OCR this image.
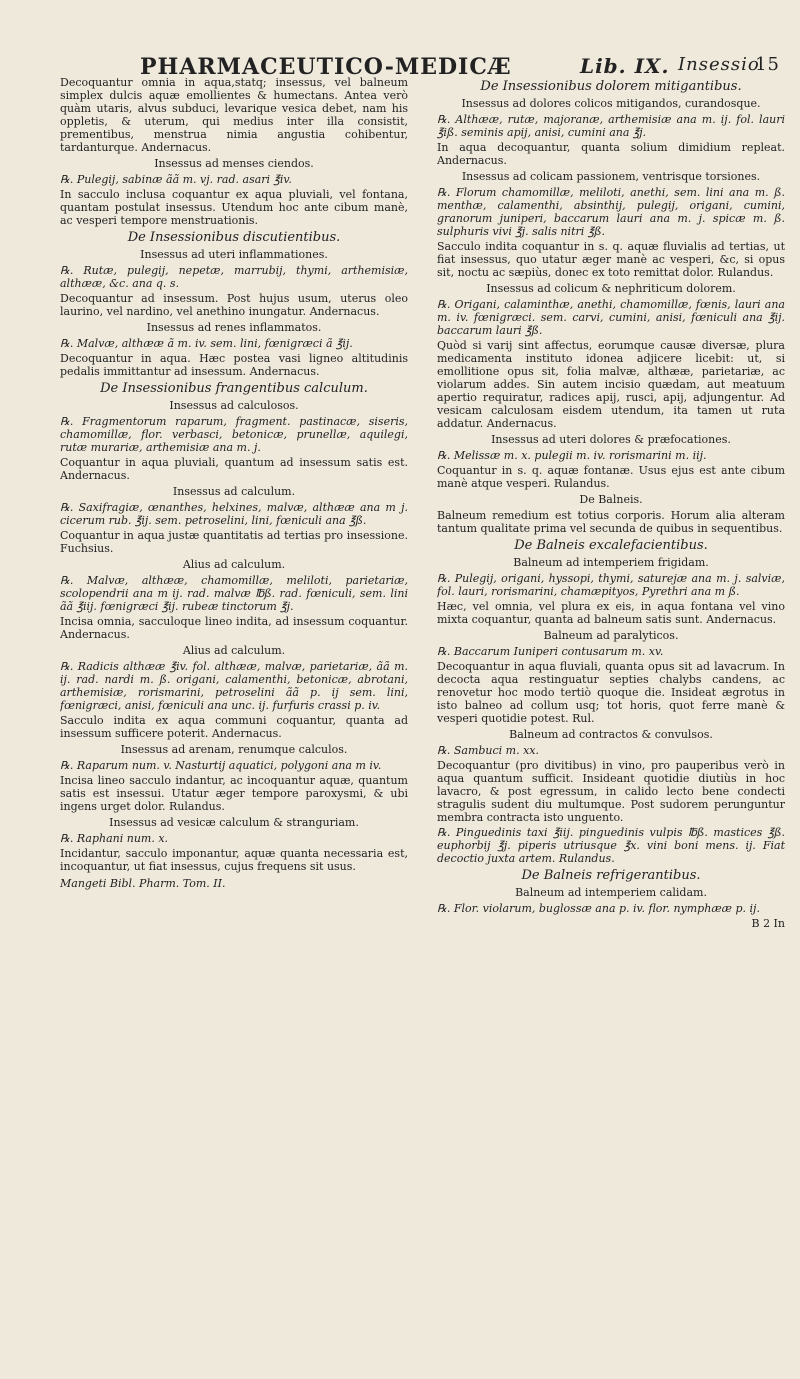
PHARMACEUTICO-MEDICÆ	Lib. IX. Insessio
15

Decoquantur omnia in aqua,statq; insessus, vel balneum simplex dulcis aquæ emollientes & humectans. Antea verò quàm utaris, alvus subduci, levarique vesica debet, nam his oppletis, & uterum, qui medius inter illa consistit, prementibus, menstrua nimia angustia cohibentur, tardanturque. Andernacus.

Insessus ad menses ciendos.

℞. Pulegij, sabinæ ãã m. vj. rad. asari ℥iv.

In sacculo inclusa coquantur ex aqua pluviali, vel fontana, quantam postulat insessus. Utendum hoc ante cibum manè, ac vesperi tempore menstruationis.

De Insessionibus discutientibus.
Insessus ad uteri inflammationes.

℞. Rutæ, pulegij, nepetæ, marrubij, thymi, arthemisiæ, althææ, &c. ana q. s.

Decoquantur ad insessum. Post hujus usum, uterus oleo laurino, vel nardino, vel anethino inungatur. Andernacus.

Insessus ad renes inflammatos.

℞. Malvæ, althææ ã m. iv. sem. lini, fœnigræci ã ℥ij.

Decoquantur in aqua. Hæc postea vasi ligneo altitudinis pedalis immittantur ad insessum. Andernacus.

De Insessionibus frangentibus calculum.
Insessus ad calculosos.

℞. Fragmentorum raparum, fragment. pastinacæ, siseris, chamomillæ, flor. verbasci, betonicæ, prunellæ, aquilegi, rutæ murariæ, arthemisiæ ana m. j.

Coquantur in aqua pluviali, quantum ad insessum satis est. Andernacus.

Insessus ad calculum.

℞. Saxifragiæ, œnanthes, helxines, malvæ, althææ ana m j. cicerum rub. ℥ij. sem. petroselini, lini, fœniculi ana ℥ß.

Coquantur in aqua justæ quantitatis ad tertias pro insessione. Fuchsius.

Alius ad calculum.

℞. Malvæ, althææ, chamomillæ, meliloti, parietariæ, scolopendrii ana m ij. rad. malvæ ℔ß. rad. fœniculi, sem. lini ãã ℥iij. fœnigræci ℥ij. rubeæ tinctorum ℥j.

Incisa omnia, sacculoque lineo indita, ad insessum coquantur. Andernacus.

Alius ad calculum.

℞. Radicis althææ ℥iv. fol. althææ, malvæ, parietariæ, ãã m. ij. rad. nardi m. ß. origani, calamenthi, betonicæ, abrotani, arthemisiæ, rorismarini, petroselini ãã p. ij sem. lini, fœnigræci, anisi, fœniculi ana unc. ij. furfuris crassi p. iv.

Sacculo indita ex aqua communi coquantur, quanta ad insessum sufficere poterit. Andernacus.

Insessus ad arenam, renumque calculos.

℞. Raparum num. v. Nasturtij aquatici, polygoni ana m iv.

Incisa lineo sacculo indantur, ac incoquantur aquæ, quantum satis est insessui. Utatur æger tempore paroxysmi, & ubi ingens urget dolor. Rulandus.

Insessus ad vesicæ calculum & stranguriam.

℞. Raphani num. x.

Incidantur, sacculo imponantur, aquæ quanta necessaria est, incoquantur, ut fiat insessus, cujus frequens sit usus.

Mangeti Bibl. Pharm. Tom. II.
De Insessionibus dolorem mitigantibus.
Insessus ad dolores colicos mitigandos, curandosque.

℞. Althææ, rutæ, majoranæ, arthemisiæ ana m. ij. fol. lauri ℥iß. seminis apij, anisi, cumini ana ℥j.

In aqua decoquantur, quanta solium dimidium repleat. Andernacus.

Insessus ad colicam passionem, ventrisque torsiones.

℞. Florum chamomillæ, meliloti, anethi, sem. lini ana m. ß. menthæ, calamenthi, absinthij, pulegij, origani, cumini, granorum juniperi, baccarum lauri ana m. j. spicæ m. ß. sulphuris vivi ℥j. salis nitri ℥ß.

Sacculo indita coquantur in s. q. aquæ fluvialis ad tertias, ut fiat insessus, quo utatur æger manè ac vesperi, &c, si opus sit, noctu ac sæpiùs, donec ex toto remittat dolor. Rulandus.

Insessus ad colicum & nephriticum dolorem.

℞. Origani, calaminthæ, anethi, chamomillæ, fœnis, lauri ana m. iv. fœnigræci. sem. carvi, cumini, anisi, fœniculi ana ℥ij. baccarum lauri ℥ß.

Quòd si varij sint affectus, eorumque causæ diversæ, plura medicamenta instituto idonea adjicere licebit: ut, si emollitione opus sit, folia malvæ, althææ, parietariæ, ac violarum addes. Sin autem incisio quædam, aut meatuum apertio requiratur, radices apij, rusci, apij, adjungentur. Ad vesicam calculosam eisdem utendum, ita tamen ut ruta addatur. Andernacus.

Insessus ad uteri dolores & præfocationes.

℞. Melissæ m. x. pulegii m. iv. rorismarini m. iij.

Coquantur in s. q. aquæ fontanæ. Usus ejus est ante cibum manè atque vesperi. Rulandus.

De Balneis.

Balneum remedium est totius corporis. Horum alia alteram tantum qualitate prima vel secunda de quibus in sequentibus.

De Balneis excalefacientibus.
Balneum ad intemperiem frigidam.

℞. Pulegij, origani, hyssopi, thymi, saturejæ ana m. j. salviæ, fol. lauri, rorismarini, chamæpityos, Pyrethri ana m ß.

Hæc, vel omnia, vel plura ex eis, in aqua fontana vel vino mixta coquantur, quanta ad balneum satis sunt. Andernacus.

Balneum ad paralyticos.

℞. Baccarum Iuniperi contusarum m. xv.

Decoquantur in aqua fluviali, quanta opus sit ad lavacrum. In decocta aqua restinguatur septies chalybs candens, ac renovetur hoc modo tertiò quoque die. Insideat ægrotus in isto balneo ad collum usq; tot horis, quot ferre manè & vesperi quotidie potest. Rul.

Balneum ad contractos & convulsos.

℞. Sambuci m. xx.

Decoquantur (pro divitibus) in vino, pro pauperibus verò in aqua quantum sufficit. Insideant quotidie diutiùs in hoc lavacro, & post egressum, in calido lecto bene condecti stragulis sudent diu multumque. Post sudorem perunguntur membra contracta isto unguento.

℞. Pinguedinis taxi ℥iij. pinguedinis vulpis ℔ß. mastices ℥ß. euphorbij ℥j. piperis utriusque ℥x. vini boni mens. ij. Fiat decoctio juxta artem. Rulandus.

De Balneis refrigerantibus.
Balneum ad intemperiem calidam.

℞. Flor. violarum, buglossæ ana p. iv. flor. nymphææ p. ij.

B 2 In
